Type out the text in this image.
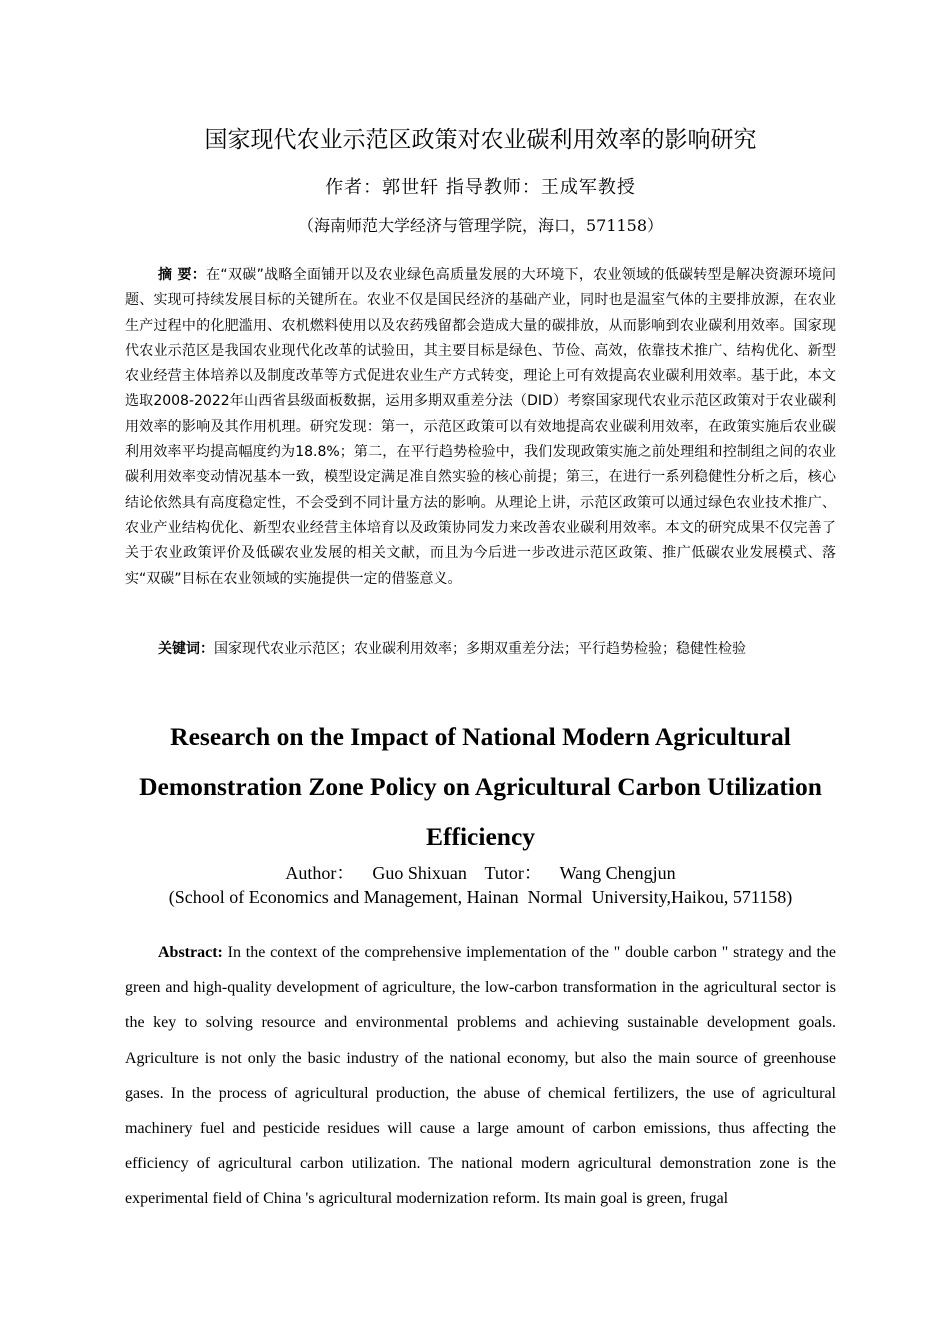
国家现代农业示范区政策对农业碳利用效率的影响研究
作者：郭世轩 指导教师：王成军教授
（海南师范大学经济与管理学院，海口，571158）

摘 要：在“双碳”战略全面铺开以及农业绿色高质量发展的大环境下，农业领域的低碳转型是解决资源环境问题、实现可持续发展目标的关键所在。农业不仅是国民经济的基础产业，同时也是温室气体的主要排放源，在农业生产过程中的化肥滥用、农机燃料使用以及农药残留都会造成大量的碳排放，从而影响到农业碳利用效率。国家现代农业示范区是我国农业现代化改革的试验田，其主要目标是绿色、节俭、高效，依靠技术推广、结构优化、新型农业经营主体培养以及制度改革等方式促进农业生产方式转变，理论上可有效提高农业碳利用效率。基于此，本文选取2008-2022年山西省县级面板数据，运用多期双重差分法（DID）考察国家现代农业示范区政策对于农业碳利用效率的影响及其作用机理。研究发现：第一，示范区政策可以有效地提高农业碳利用效率，在政策实施后农业碳利用效率平均提高幅度约为18.8%；第二，在平行趋势检验中，我们发现政策实施之前处理组和控制组之间的农业碳利用效率变动情况基本一致，模型设定满足准自然实验的核心前提；第三，在进行一系列稳健性分析之后，核心结论依然具有高度稳定性，不会受到不同计量方法的影响。从理论上讲，示范区政策可以通过绿色农业技术推广、农业产业结构优化、新型农业经营主体培育以及政策协同发力来改善农业碳利用效率。本文的研究成果不仅完善了关于农业政策评价及低碳农业发展的相关文献，而且为今后进一步改进示范区政策、推广低碳农业发展模式、落实“双碳”目标在农业领域的实施提供一定的借鉴意义。

关键词：国家现代农业示范区；农业碳利用效率；多期双重差分法；平行趋势检验；稳健性检验

Research on the Impact of National Modern Agricultural Demonstration Zone Policy on Agricultural Carbon Utilization Efficiency
Author： Guo Shixuan Tutor： Wang Chengjun
(School of Economics and Management, Hainan  Normal  University,Haikou, 571158)

Abstract: In the context of the comprehensive implementation of the " double carbon " strategy and the green and high-quality development of agriculture, the low-carbon transformation in the agricultural sector is the key to solving resource and environmental problems and achieving sustainable development goals. Agriculture is not only the basic industry of the national economy, but also the main source of greenhouse gases. In the process of agricultural production, the abuse of chemical fertilizers, the use of agricultural machinery fuel and pesticide residues will cause a large amount of carbon emissions, thus affecting the efficiency of agricultural carbon utilization. The national modern agricultural demonstration zone is the experimental field of China 's agricultural modernization reform. Its main goal is green, frugal
